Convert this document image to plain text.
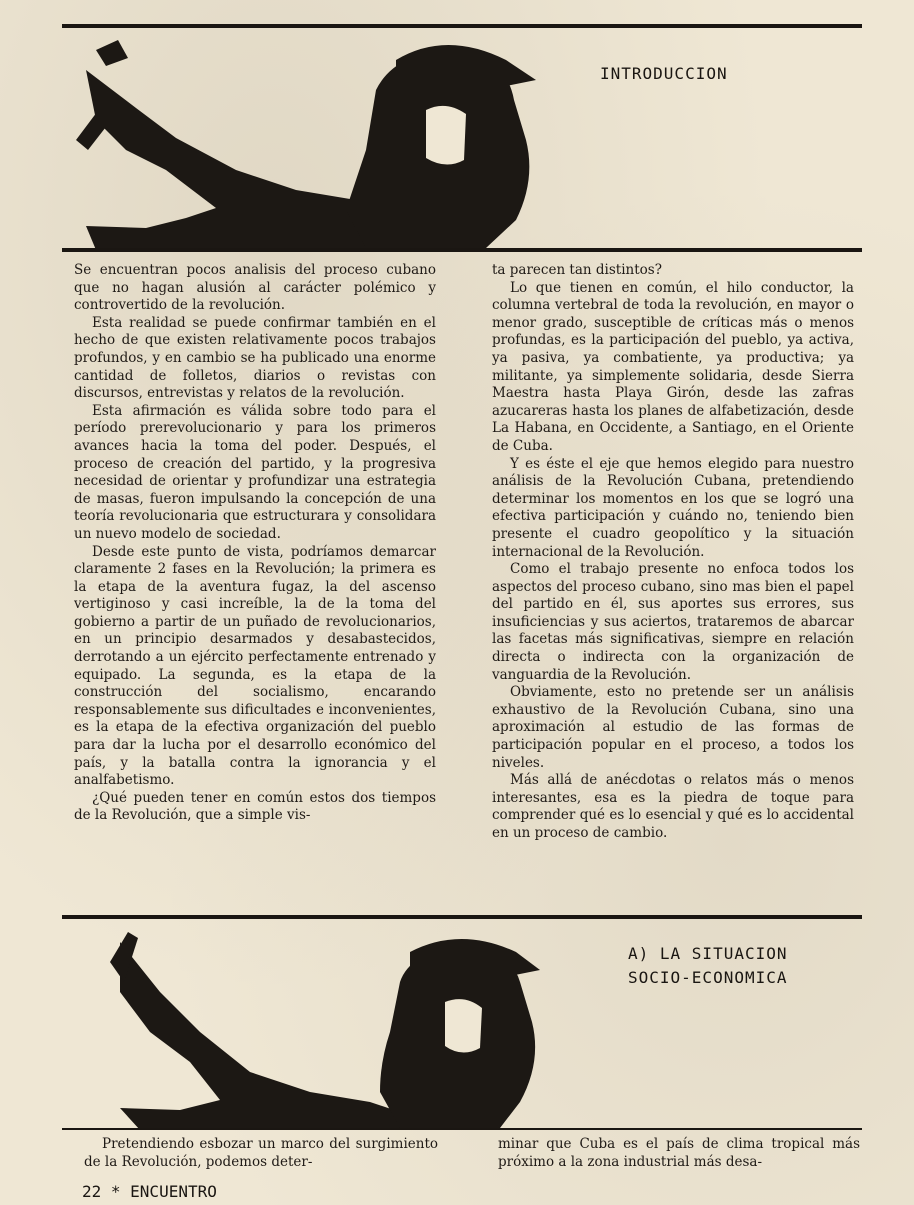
INTRODUCCION

Se encuentran pocos analisis del proceso cubano que no hagan alusión al carácter polémico y controvertido de la revolución.

Esta realidad se puede confirmar también en el hecho de que existen relativamente pocos trabajos profundos, y en cambio se ha publicado una enorme cantidad de folletos, diarios o revistas con discursos, entrevistas y relatos de la revolución.

Esta afirmación es válida sobre todo para el período prerevolucionario y para los primeros avances hacia la toma del poder. Después, el proceso de creación del partido, y la progresiva necesidad de orientar y profundizar una estrategia de masas, fueron impulsando la concepción de una teoría revolucionaria que estructurara y consolidara un nuevo modelo de sociedad.

Desde este punto de vista, podríamos demarcar claramente 2 fases en la Revolución; la primera es la etapa de la aventura fugaz, la del ascenso vertiginoso y casi increíble, la de la toma del gobierno a partir de un puñado de revolucionarios, en un principio desarmados y desabastecidos, derrotando a un ejército perfectamente entrenado y equipado. La segunda, es la etapa de la construcción del socialismo, encarando responsablemente sus dificultades e inconvenientes, es la etapa de la efectiva organización del pueblo para dar la lucha por el desarrollo económico del país, y la batalla contra la ignorancia y el analfabetismo.

¿Qué pueden tener en común estos dos tiempos de la Revolución, que a simple vis-

ta parecen tan distintos?

Lo que tienen en común, el hilo conductor, la columna vertebral de toda la revolución, en mayor o menor grado, susceptible de críticas más o menos profundas, es la participación del pueblo, ya activa, ya pasiva, ya combatiente, ya productiva; ya militante, ya simplemente solidaria, desde Sierra Maestra hasta Playa Girón, desde las zafras azucareras hasta los planes de alfabetización, desde La Habana, en Occidente, a Santiago, en el Oriente de Cuba.

Y es éste el eje que hemos elegido para nuestro análisis de la Revolución Cubana, pretendiendo determinar los momentos en los que se logró una efectiva participación y cuándo no, teniendo bien presente el cuadro geopolítico y la situación internacional de la Revolución.

Como el trabajo presente no enfoca todos los aspectos del proceso cubano, sino mas bien el papel del partido en él, sus aportes sus errores, sus insuficiencias y sus aciertos, trataremos de abarcar las facetas más significativas, siempre en relación directa o indirecta con la organización de vanguardia de la Revolución.

Obviamente, esto no pretende ser un análisis exhaustivo de la Revolución Cubana, sino una aproximación al estudio de las formas de participación popular en el proceso, a todos los niveles.

Más allá de anécdotas o relatos más o menos interesantes, esa es la piedra de toque para comprender qué es lo esencial y qué es lo accidental en un proceso de cambio.

A) LA SITUACION
SOCIO-ECONOMICA

Pretendiendo esbozar un marco del surgimiento de la Revolución, podemos deter-

minar que Cuba es el país de clima tropical más próximo a la zona industrial más desa-

22 * ENCUENTRO
